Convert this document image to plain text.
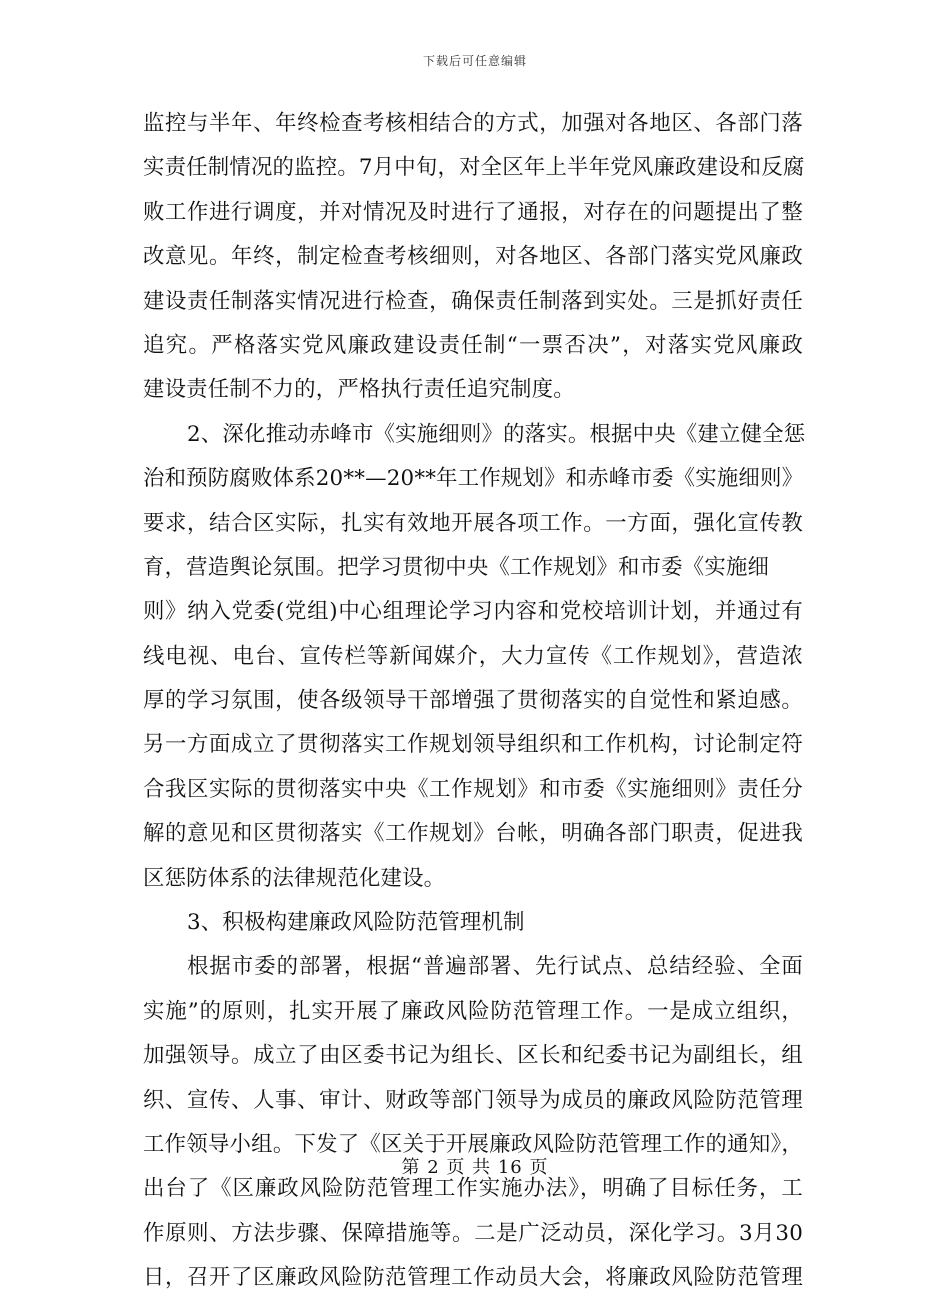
下载后可任意编辑
监控与半年、年终检查考核相结合的方式，加强对各地区、各部门落
实责任制情况的监控。7月中旬，对全区年上半年党风廉政建设和反腐
败工作进行调度，并对情况及时进行了通报，对存在的问题提出了整
改意见。年终，制定检查考核细则，对各地区、各部门落实党风廉政
建设责任制落实情况进行检查，确保责任制落到实处。三是抓好责任
追究。严格落实党风廉政建设责任制“一票否决”，对落实党风廉政
建设责任制不力的，严格执行责任追究制度。
2、深化推动赤峰市《实施细则》的落实。根据中央《建立健全惩
治和预防腐败体系20**—20**年工作规划》和赤峰市委《实施细则》
要求，结合区实际，扎实有效地开展各项工作。一方面，强化宣传教
育，营造舆论氛围。把学习贯彻中央《工作规划》和市委《实施细
则》纳入党委(党组)中心组理论学习内容和党校培训计划，并通过有
线电视、电台、宣传栏等新闻媒介，大力宣传《工作规划》，营造浓
厚的学习氛围，使各级领导干部增强了贯彻落实的自觉性和紧迫感。
另一方面成立了贯彻落实工作规划领导组织和工作机构，讨论制定符
合我区实际的贯彻落实中央《工作规划》和市委《实施细则》责任分
解的意见和区贯彻落实《工作规划》台帐，明确各部门职责，促进我
区惩防体系的法律规范化建设。
3、积极构建廉政风险防范管理机制
根据市委的部署，根据“普遍部署、先行试点、总结经验、全面
实施”的原则，扎实开展了廉政风险防范管理工作。一是成立组织，
加强领导。成立了由区委书记为组长、区长和纪委书记为副组长，组
织、宣传、人事、审计、财政等部门领导为成员的廉政风险防范管理
工作领导小组。下发了《区关于开展廉政风险防范管理工作的通知》，
出台了《区廉政风险防范管理工作实施办法》，明确了目标任务，工
作原则、方法步骤、保障措施等。二是广泛动员，深化学习。3月30
日，召开了区廉政风险防范管理工作动员大会，将廉政风险防范管理
第 2 页 共 16 页
